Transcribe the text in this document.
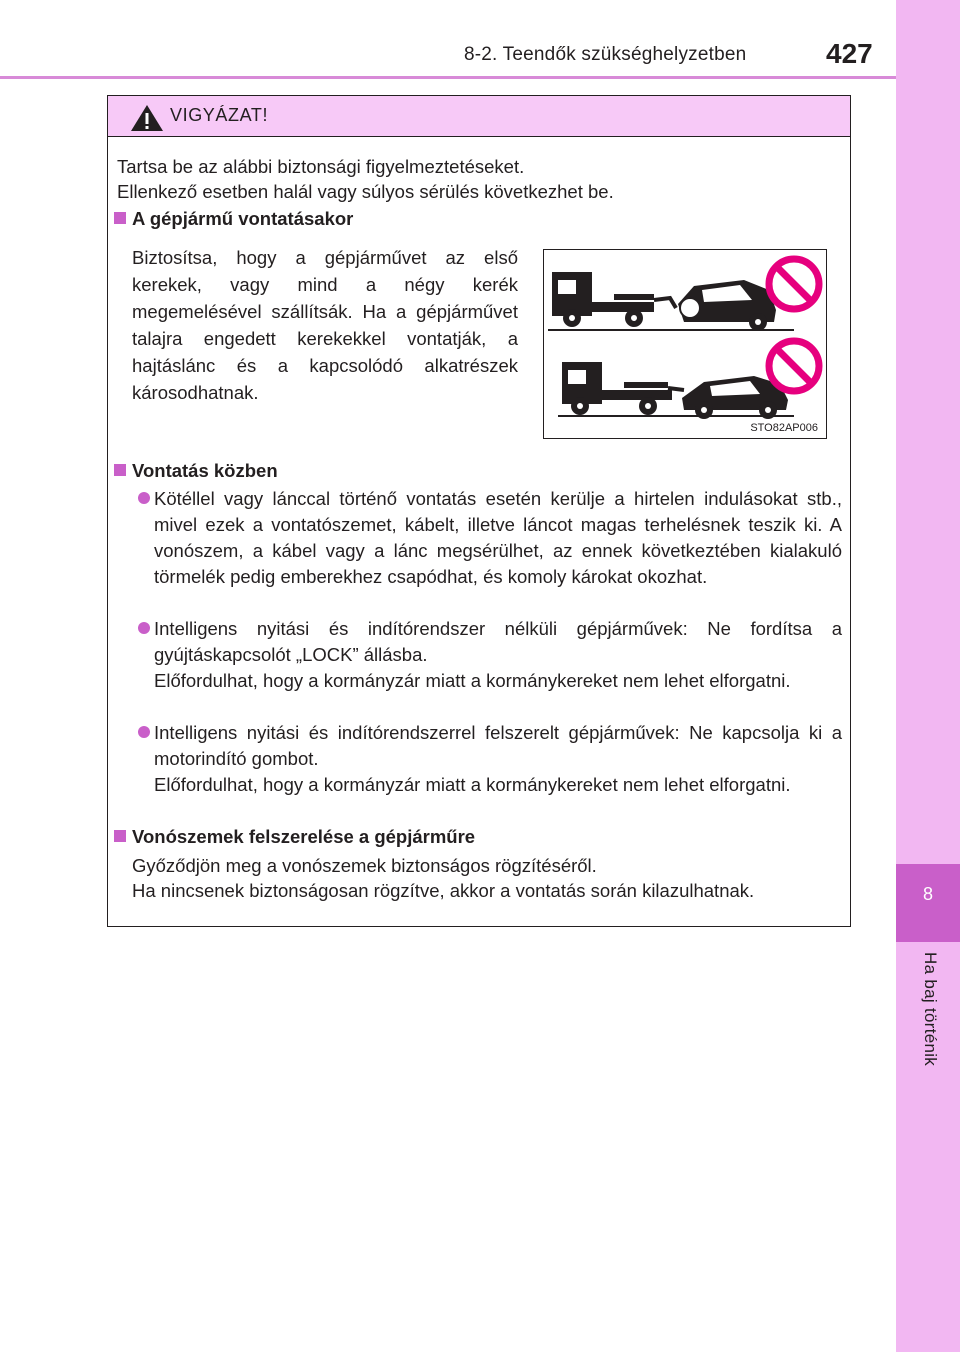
8-2. Teendők szükséghelyzetben	427
8
Ha baj történik
VIGYÁZAT!
Tartsa be az alábbi biztonsági figyelmeztetéseket.
Ellenkező esetben halál vagy súlyos sérülés következhet be.
A gépjármű vontatásakor
Biztosítsa, hogy a gépjárművet az első kerekek, vagy mind a négy kerék megemelésével szállítsák. Ha a gépjárművet talajra engedett kerekekkel vontatják, a hajtáslánc és a kapcsolódó alkatrészek károsodhatnak.
STO82AP006
Vontatás közben
Kötéllel vagy lánccal történő vontatás esetén kerülje a hirtelen indulásokat stb., mivel ezek a vontatószemet, kábelt, illetve láncot magas terhelésnek teszik ki. A vonószem, a kábel vagy a lánc megsérülhet, az ennek következtében kialakuló törmelék pedig emberekhez csapódhat, és komoly károkat okozhat.
Intelligens nyitási és indítórendszer nélküli gépjárművek: Ne fordítsa a gyújtáskapcsolót „LOCK” állásba.
Előfordulhat, hogy a kormányzár miatt a kormánykereket nem lehet elforgatni.
Intelligens nyitási és indítórendszerrel felszerelt gépjárművek: Ne kapcsolja ki a motorindító gombot.
Előfordulhat, hogy a kormányzár miatt a kormánykereket nem lehet elforgatni.
Vonószemek felszerelése a gépjárműre
Győződjön meg a vonószemek biztonságos rögzítéséről.
Ha nincsenek biztonságosan rögzítve, akkor a vontatás során kilazulhatnak.
